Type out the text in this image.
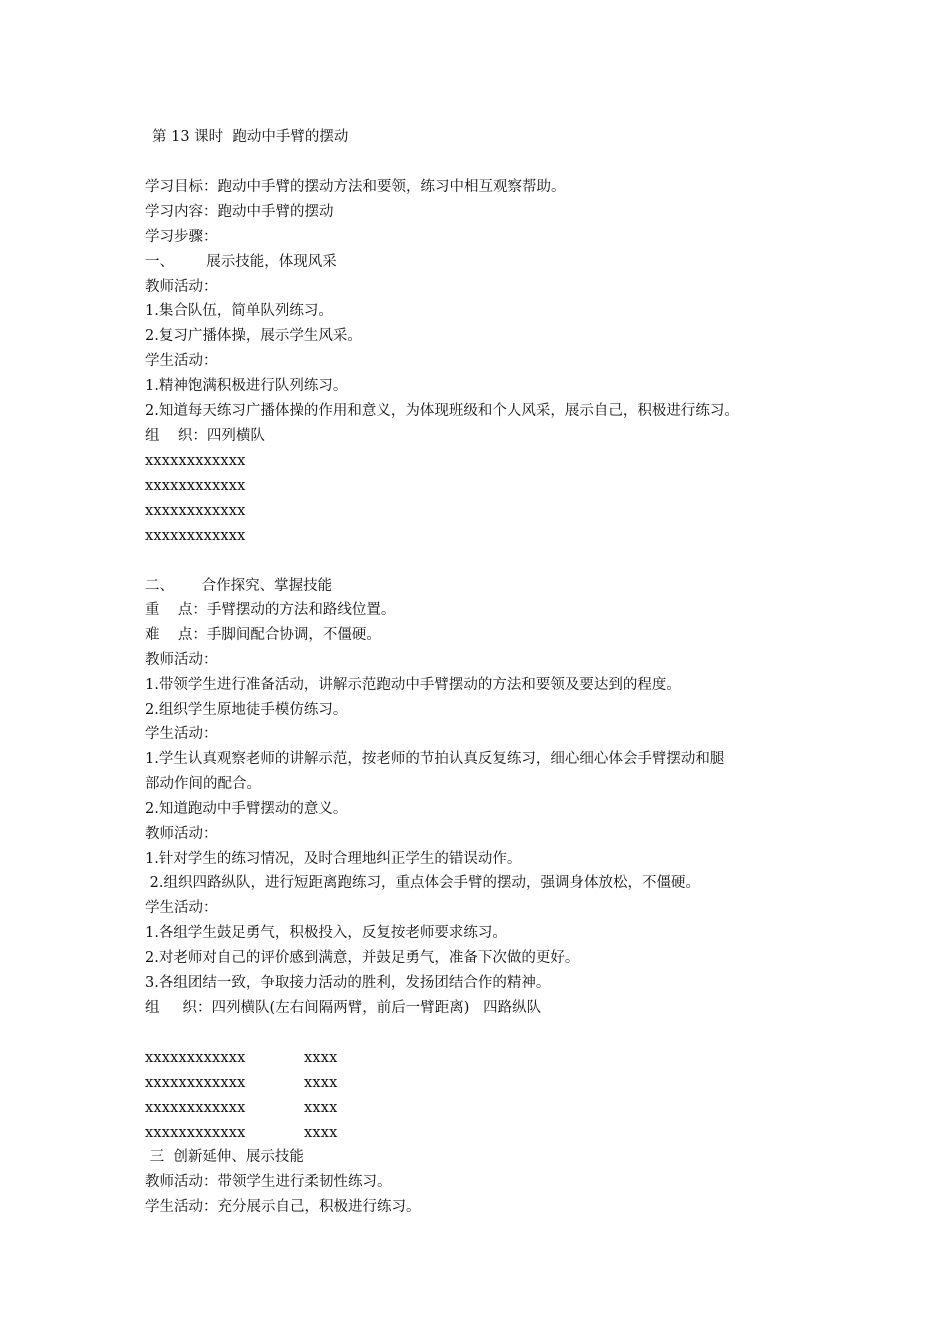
第 13 课时  跑动中手臂的摆动
学习目标：跑动中手臂的摆动方法和要领，练习中相互观察帮助。
学习内容：跑动中手臂的摆动
学习步骤：
一、       展示技能，体现风采
教师活动：
1.集合队伍，简单队列练习。
2.复习广播体操，展示学生风采。
学生活动：
1.精神饱满积极进行队列练习。
2.知道每天练习广播体操的作用和意义，为体现班级和个人风采，展示自己，积极进行练习。
组    织：四列横队
xxxxxxxxxxxx
xxxxxxxxxxxx
xxxxxxxxxxxx
xxxxxxxxxxxx
二、      合作探究、掌握技能
重    点：手臂摆动的方法和路线位置。
难    点：手脚间配合协调，不僵硬。
教师活动：
1.带领学生进行准备活动，讲解示范跑动中手臂摆动的方法和要领及要达到的程度。
2.组织学生原地徒手模仿练习。
学生活动：
1.学生认真观察老师的讲解示范，按老师的节拍认真反复练习，细心细心体会手臂摆动和腿
部动作间的配合。
2.知道跑动中手臂摆动的意义。
教师活动：
1.针对学生的练习情况，及时合理地纠正学生的错误动作。
2.组织四路纵队，进行短距离跑练习，重点体会手臂的摆动，强调身体放松，不僵硬。
学生活动：
1.各组学生鼓足勇气，积极投入，反复按老师要求练习。
2.对老师对自己的评价感到满意，并鼓足勇气，准备下次做的更好。
3.各组团结一致，争取接力活动的胜利，发扬团结合作的精神。
组     织：四列横队(左右间隔两臂，前后一臂距离)   四路纵队
xxxxxxxxxxxx	xxxx
xxxxxxxxxxxx	xxxx
xxxxxxxxxxxx	xxxx
xxxxxxxxxxxx	xxxx
三  创新延伸、展示技能
教师活动：带领学生进行柔韧性练习。
学生活动：充分展示自己，积极进行练习。
